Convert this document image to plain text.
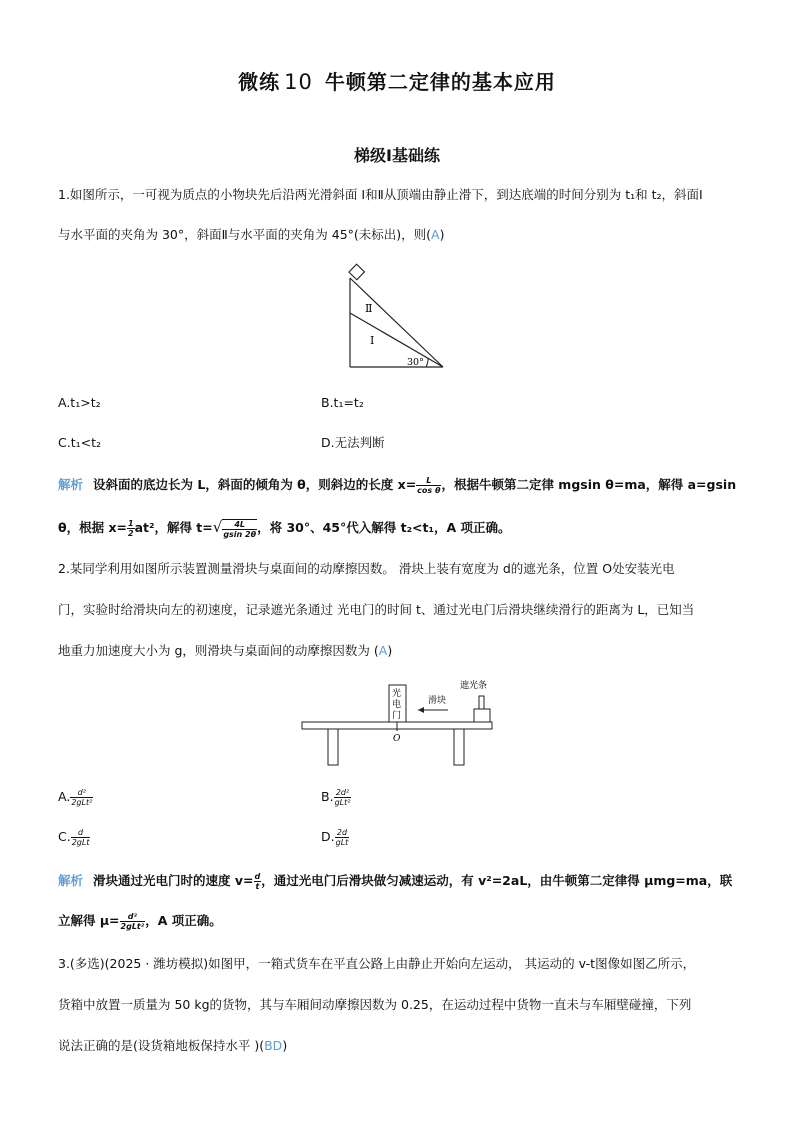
微练 10 牛顿第二定律的基本应用
梯级Ⅰ基础练
1.如图所示，一可视为质点的小物块先后沿两光滑斜面 Ⅰ和Ⅱ从顶端由静止滑下，到达底端的时间分别为 t₁和 t₂，斜面Ⅰ
与水平面的夹角为 30°，斜面Ⅱ与水平面的夹角为 45°(未标出)，则(A)
Ⅱ
Ⅰ
30°
A.t₁>t₂	B.t₁=t₂
C.t₁<t₂	D.无法判断
解析 设斜面的底边长为 L，斜面的倾角为 θ，则斜边的长度 $x= \frac{L}{\text{cos θ}}$ ，根据牛顿第二定律 mgsin θ=ma，解得 a=gsin
θ，根据 $x= \frac{1}{2} at^2$，解得 $t=√ \frac{4L}{gsin 2\theta}$ ，将 30°、45°代入解得 t₂<t₁，A 项正确。
2.某同学利用如图所示装置测量滑块与桌面间的动摩擦因数。 滑块上装有宽度为 d的遮光条，位置 O处安装光电
门，实验时给滑块向左的初速度，记录遮光条通过 光电门的时间 t、通过光电门后滑块继续滑行的距离为 L，已知当
地重力加速度大小为 g，则滑块与桌面间的动摩擦因数为 (A)
光
电
门
滑块
遮光条
O
A. $\frac{\text{d²}}{\text{2gLt²}}$	B. $\frac{\text{2d²}}{\text{gLt²}}$
C. $\frac{d}{\text{2gLt}}$	D. $\frac{2d}{\text{gLt}}$
解析 滑块通过光电门时的速度 $v= \frac{d}{t}$ ，通过光电门后滑块做匀减速运动，有 v²=2aL，由牛顿第二定律得 μmg=ma，联
立解得 $\mu= \frac{\text{d²}}{\text{2gLt²}}$ ，A 项正确。
3.(多选)(2025 · 潍坊模拟)如图甲，一箱式货车在平直公路上由静止开始向左运动， 其运动的 v-t图像如图乙所示，
货箱中放置一质量为 50 kg的货物，其与车厢间动摩擦因数为 0.25，在运动过程中货物一直未与车厢壁碰撞，下列
说法正确的是(设货箱地板保持水平 )(BD)
